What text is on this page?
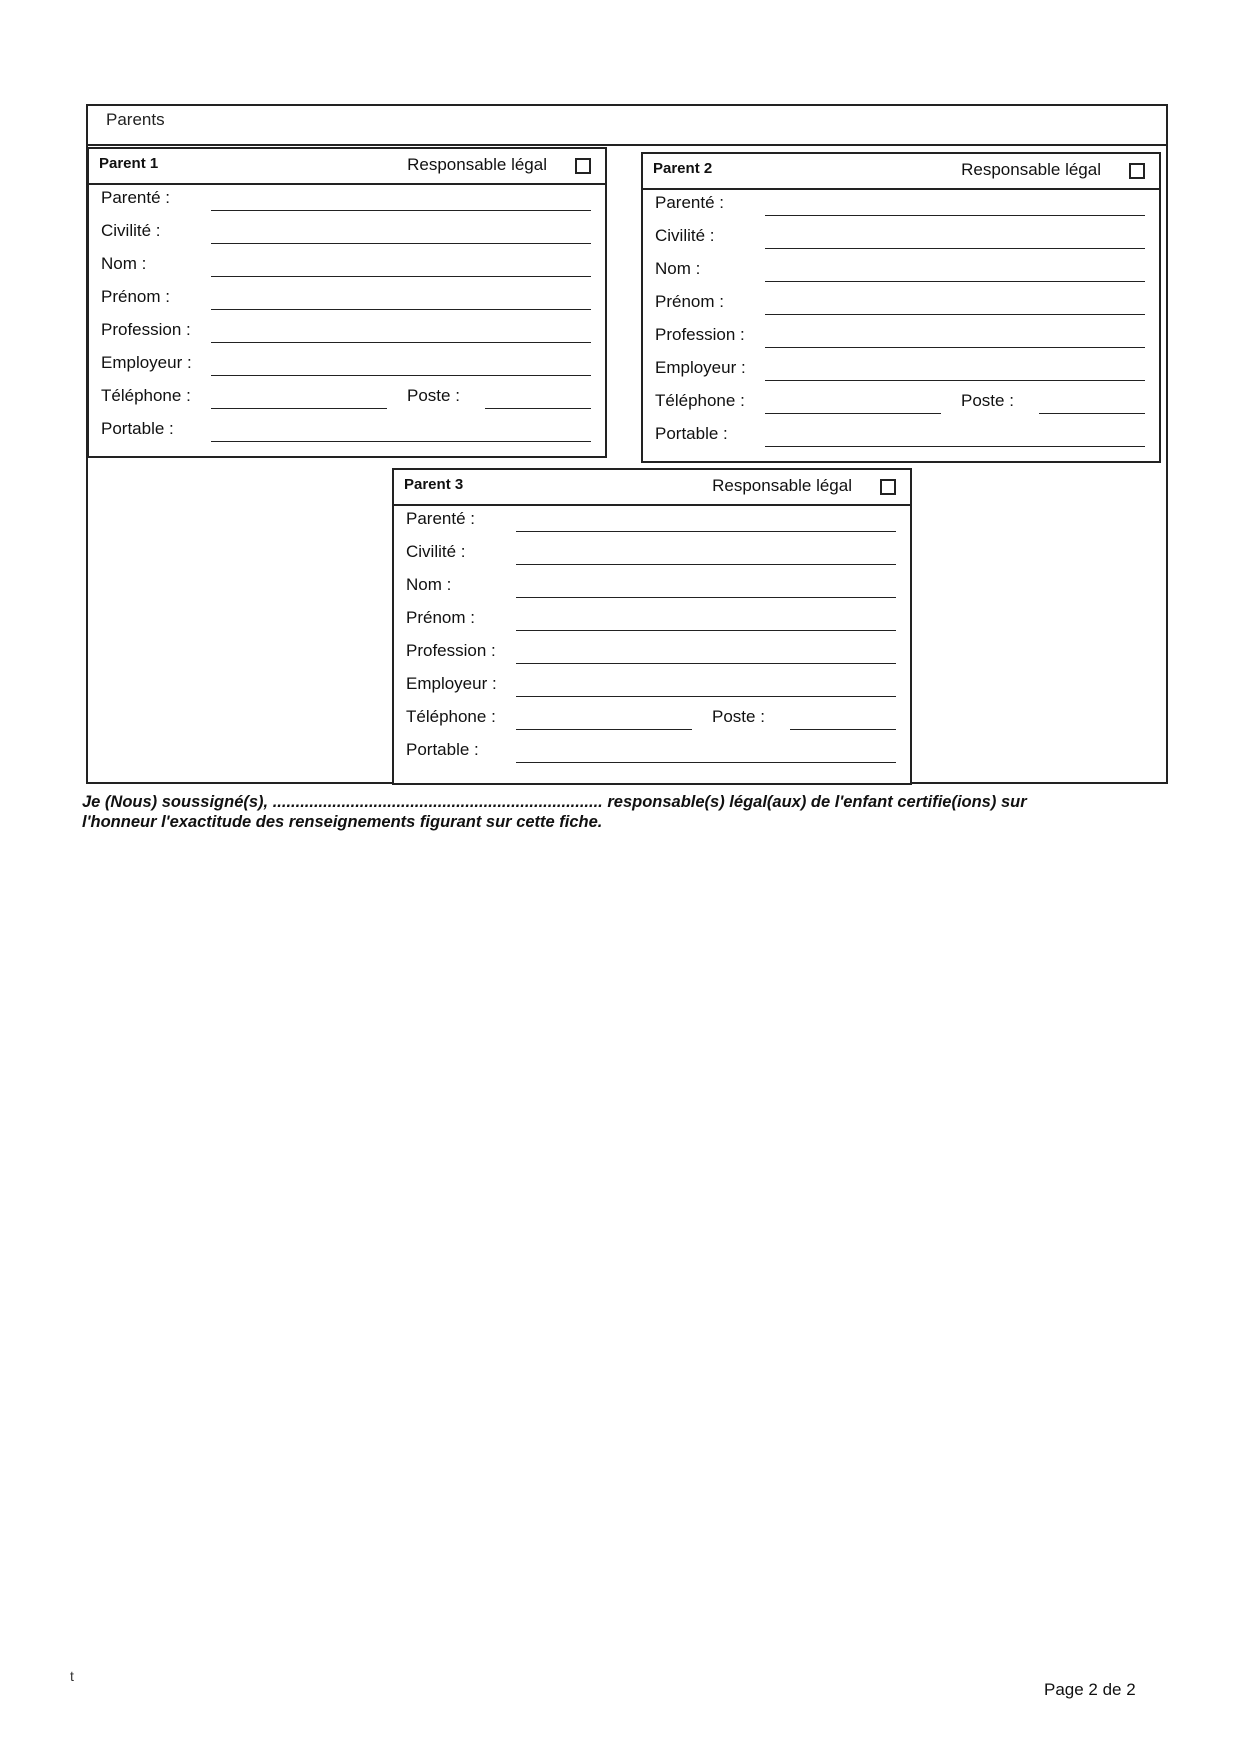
Parents
Parent 1	Responsable légal
Parenté :
Civilité :
Nom :
Prénom :
Profession :
Employeur :
Téléphone :	Poste :
Portable :
Parent 2	Responsable légal
Parenté :
Civilité :
Nom :
Prénom :
Profession :
Employeur :
Téléphone :	Poste :
Portable :
Parent 3	Responsable légal
Parenté :
Civilité :
Nom :
Prénom :
Profession :
Employeur :
Téléphone :	Poste :
Portable :
Je (Nous) soussigné(s), ........................................................................ responsable(s) légal(aux) de l'enfant certifie(ions) sur
l'honneur l'exactitude des renseignements figurant sur cette fiche.
t
Page 2 de 2
